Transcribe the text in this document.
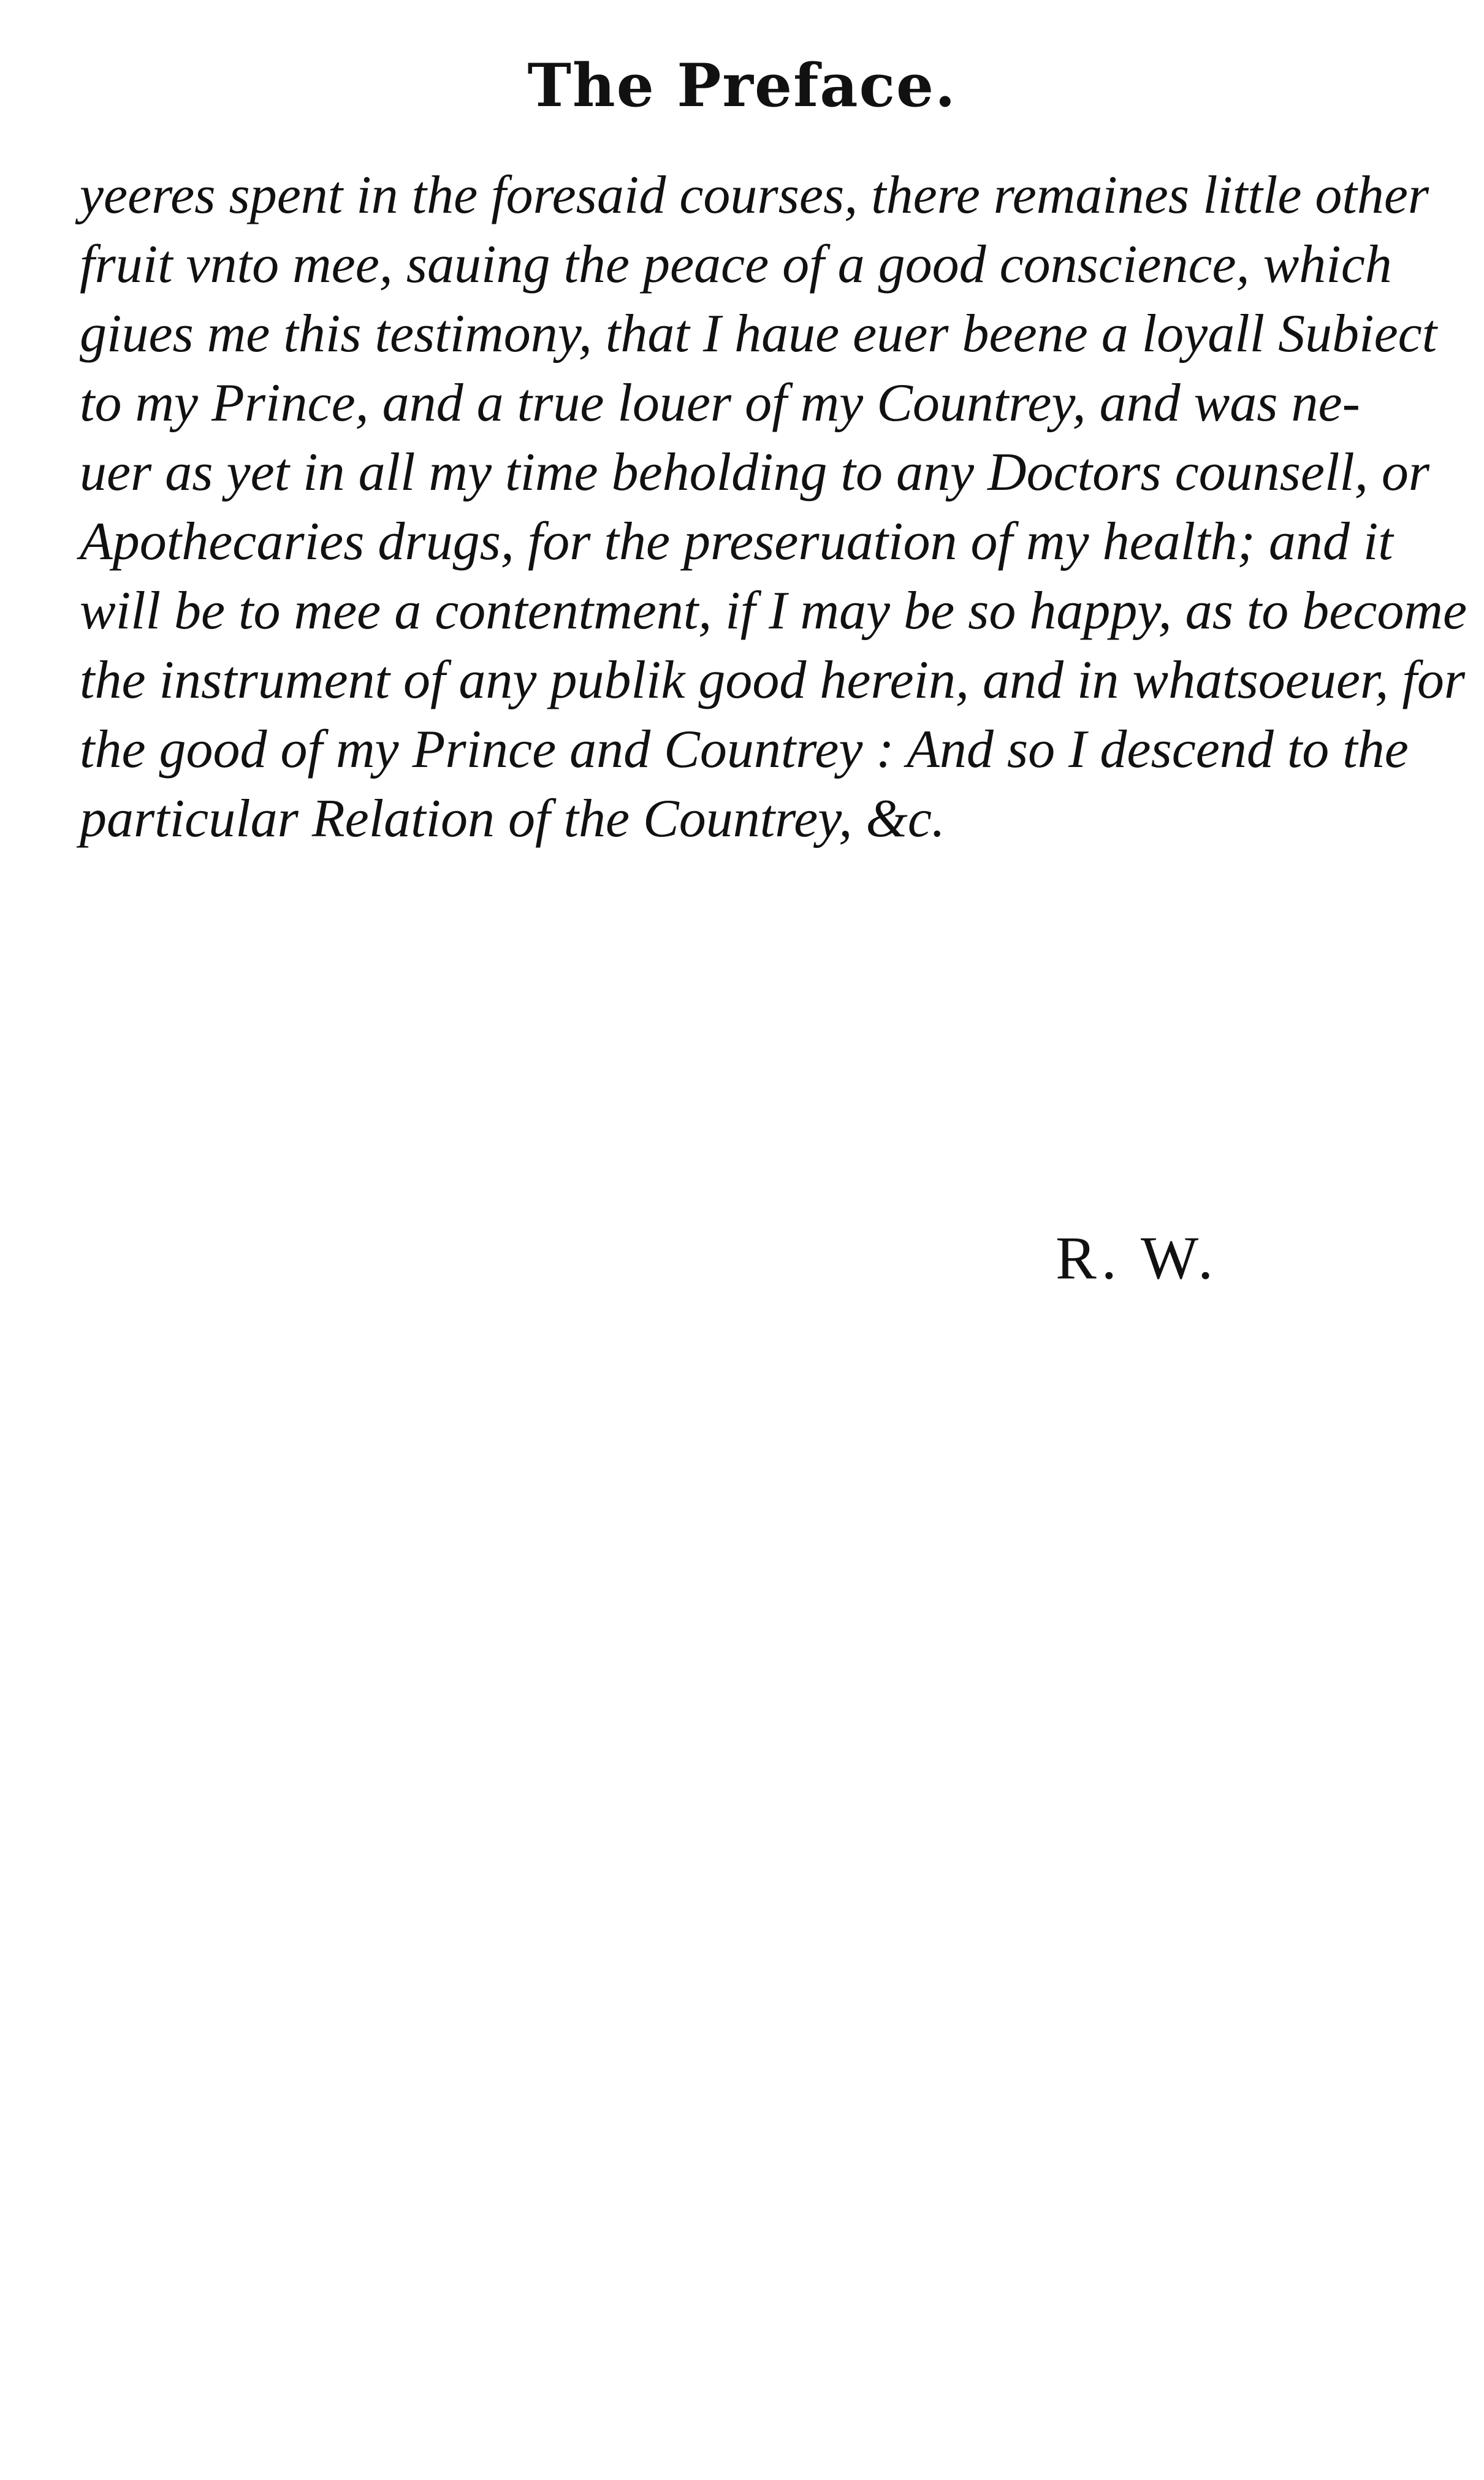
The Preface.
yeeres spent in the foresaid courses, there remaines little other
fruit vnto mee, sauing the peace of a good conscience, which
giues me this testimony, that I haue euer beene a loyall Subiect
to my Prince, and a true louer of my Countrey, and was ne-
uer as yet in all my time beholding to any Doctors counsell, or
Apothecaries drugs, for the preseruation of my health; and it
will be to mee a contentment, if I may be so happy, as to become
the instrument of any publik good herein, and in whatsoeuer, for
the good of my Prince and Countrey : And so I descend to the
particular Relation of the Countrey, &c.
R. W.
